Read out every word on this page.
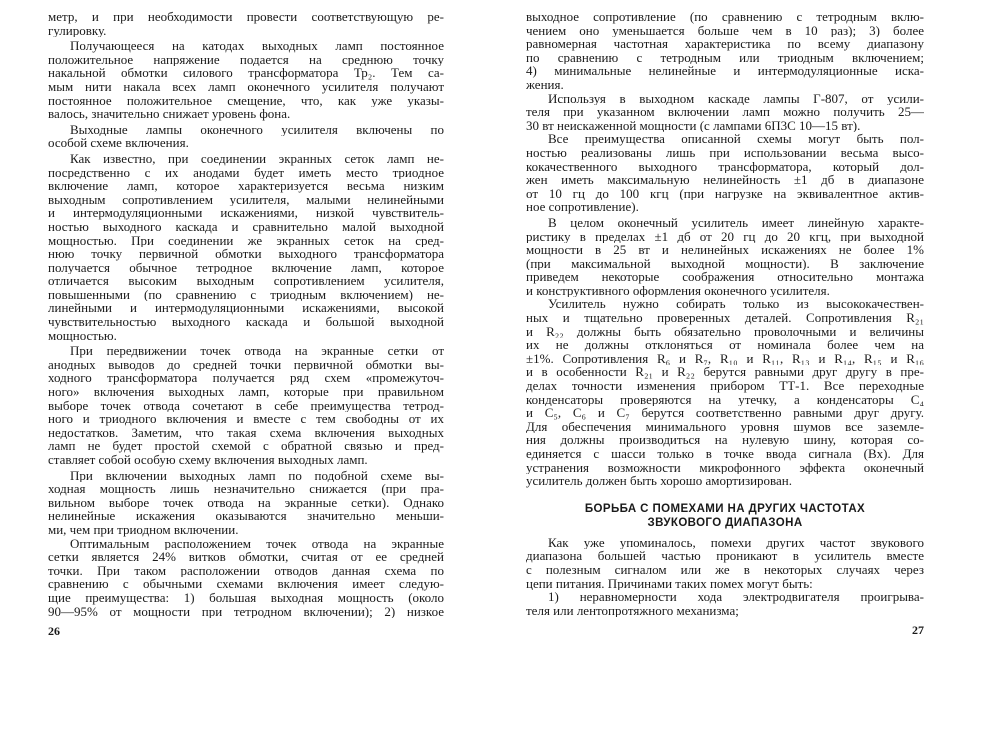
метр, и при необходимости провести соответствующую ре-
гулировку.
Получающееся на катодах выходных ламп постоянное
положительное напряжение подается на среднюю точку
накальной обмотки силового трансформатора Тр₂. Тем са-
мым нити накала всех ламп оконечного усилителя получают
постоянное положительное смещение, что, как уже указы-
валось, значительно снижает уровень фона.
Выходные лампы оконечного усилителя включены по
особой схеме включения.
Как известно, при соединении экранных сеток ламп не-
посредственно с их анодами будет иметь место триодное
включение ламп, которое характеризуется весьма низким
выходным сопротивлением усилителя, малыми нелинейными
и интермодуляционными искажениями, низкой чувствитель-
ностью выходного каскада и сравнительно малой выходной
мощностью. При соединении же экранных сеток на сред-
нюю точку первичной обмотки выходного трансформатора
получается обычное тетродное включение ламп, которое
отличается высоким выходным сопротивлением усилителя,
повышенными (по сравнению с триодным включением) не-
линейными и интермодуляционными искажениями, высокой
чувствительностью выходного каскада и большой выходной
мощностью.
При передвижении точек отвода на экранные сетки от
анодных выводов до средней точки первичной обмотки вы-
ходного трансформатора получается ряд схем «промежуточ-
ного» включения выходных ламп, которые при правильном
выборе точек отвода сочетают в себе преимущества тетрод-
ного и триодного включения и вместе с тем свободны от их
недостатков. Заметим, что такая схема включения выходных
ламп не будет простой схемой с обратной связью и пред-
ставляет собой особую схему включения выходных ламп.
При включении выходных ламп по подобной схеме вы-
ходная мощность лишь незначительно снижается (при пра-
вильном выборе точек отвода на экранные сетки). Однако
нелинейные искажения оказываются значительно меньши-
ми, чем при триодном включении.
Оптимальным расположением точек отвода на экранные
сетки является 24% витков обмотки, считая от ее средней
точки. При таком расположении отводов данная схема по
сравнению с обычными схемами включения имеет следую-
щие преимущества: 1) большая выходная мощность (около
90—95% от мощности при тетродном включении); 2) низкое
26
выходное сопротивление (по сравнению с тетродным вклю-
чением оно уменьшается больше чем в 10 раз); 3) более
равномерная частотная характеристика по всему диапазону
по сравнению с тетродным или триодным включением;
4) минимальные нелинейные и интермодуляционные иска-
жения.
Используя в выходном каскаде лампы Г-807, от усили-
теля при указанном включении ламп можно получить 25—
30 вт неискаженной мощности (с лампами 6П3С 10—15 вт).
Все преимущества описанной схемы могут быть пол-
ностью реализованы лишь при использовании весьма высо-
кокачественного выходного трансформатора, который дол-
жен иметь максимальную нелинейность ±1 дб в диапазоне
от 10 гц до 100 кгц (при нагрузке на эквивалентное актив-
ное сопротивление).
В целом оконечный усилитель имеет линейную характе-
ристику в пределах ±1 дб от 20 гц до 20 кгц, при выходной
мощности в 25 вт и нелинейных искажениях не более 1%
(при максимальной выходной мощности). В заключение
приведем некоторые соображения относительно монтажа
и конструктивного оформления оконечного усилителя.
Усилитель нужно собирать только из высококачествен-
ных и тщательно проверенных деталей. Сопротивления R₂₁
и R₂₂ должны быть обязательно проволочными и величины
их не должны отклоняться от номинала более чем на
±1%. Сопротивления R₆ и R₇, R₁₀ и R₁₁, R₁₃ и R₁₄, R₁₅ и R₁₆
и в особенности R₂₁ и R₂₂ берутся равными друг другу в пре-
делах точности изменения прибором ТТ-1. Все переходные
конденсаторы проверяются на утечку, а конденсаторы C₄
и C₅, C₆ и C₇ берутся соответственно равными друг другу.
Для обеспечения минимального уровня шумов все заземле-
ния должны производиться на нулевую шину, которая со-
единяется с шасси только в точке ввода сигнала (Bx). Для
устранения возможности микрофонного эффекта оконечный
усилитель должен быть хорошо амортизирован.
БОРЬБА С ПОМЕХАМИ НА ДРУГИХ ЧАСТОТАХ
ЗВУКОВОГО ДИАПАЗОНА
Как уже упоминалось, помехи других частот звукового
диапазона большей частью проникают в усилитель вместе
с полезным сигналом или же в некоторых случаях через
цепи питания. Причинами таких помех могут быть:
1) неравномерности хода электродвигателя проигрыва-
теля или лентопротяжного механизма;
27
